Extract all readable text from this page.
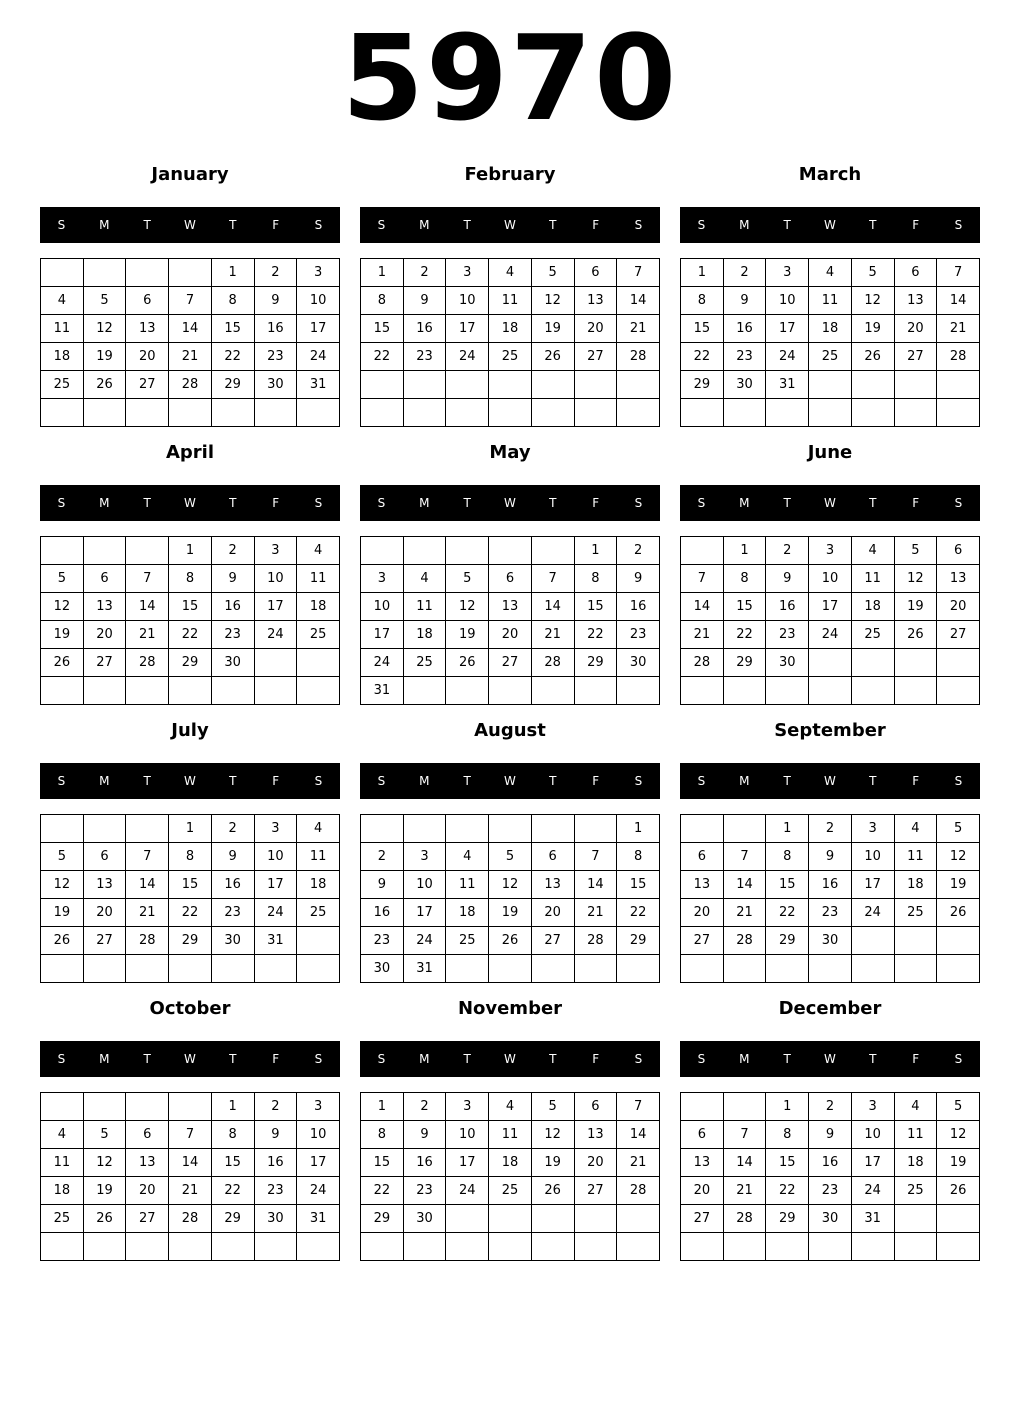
5970
January
S	M	T	W	T	F	S
				1	2	3
4	5	6	7	8	9	10
11	12	13	14	15	16	17
18	19	20	21	22	23	24
25	26	27	28	29	30	31

February
S	M	T	W	T	F	S
1	2	3	4	5	6	7
8	9	10	11	12	13	14
15	16	17	18	19	20	21
22	23	24	25	26	27	28

March
S	M	T	W	T	F	S
1	2	3	4	5	6	7
8	9	10	11	12	13	14
15	16	17	18	19	20	21
22	23	24	25	26	27	28
29	30	31				

April
S	M	T	W	T	F	S
			1	2	3	4
5	6	7	8	9	10	11
12	13	14	15	16	17	18
19	20	21	22	23	24	25
26	27	28	29	30		

May
S	M	T	W	T	F	S
					1	2
3	4	5	6	7	8	9
10	11	12	13	14	15	16
17	18	19	20	21	22	23
24	25	26	27	28	29	30
31						
June
S	M	T	W	T	F	S
	1	2	3	4	5	6
7	8	9	10	11	12	13
14	15	16	17	18	19	20
21	22	23	24	25	26	27
28	29	30				

July
S	M	T	W	T	F	S
			1	2	3	4
5	6	7	8	9	10	11
12	13	14	15	16	17	18
19	20	21	22	23	24	25
26	27	28	29	30	31	

August
S	M	T	W	T	F	S
						1
2	3	4	5	6	7	8
9	10	11	12	13	14	15
16	17	18	19	20	21	22
23	24	25	26	27	28	29
30	31					
September
S	M	T	W	T	F	S
		1	2	3	4	5
6	7	8	9	10	11	12
13	14	15	16	17	18	19
20	21	22	23	24	25	26
27	28	29	30			

October
S	M	T	W	T	F	S
				1	2	3
4	5	6	7	8	9	10
11	12	13	14	15	16	17
18	19	20	21	22	23	24
25	26	27	28	29	30	31

November
S	M	T	W	T	F	S
1	2	3	4	5	6	7
8	9	10	11	12	13	14
15	16	17	18	19	20	21
22	23	24	25	26	27	28
29	30					

December
S	M	T	W	T	F	S
		1	2	3	4	5
6	7	8	9	10	11	12
13	14	15	16	17	18	19
20	21	22	23	24	25	26
27	28	29	30	31		
